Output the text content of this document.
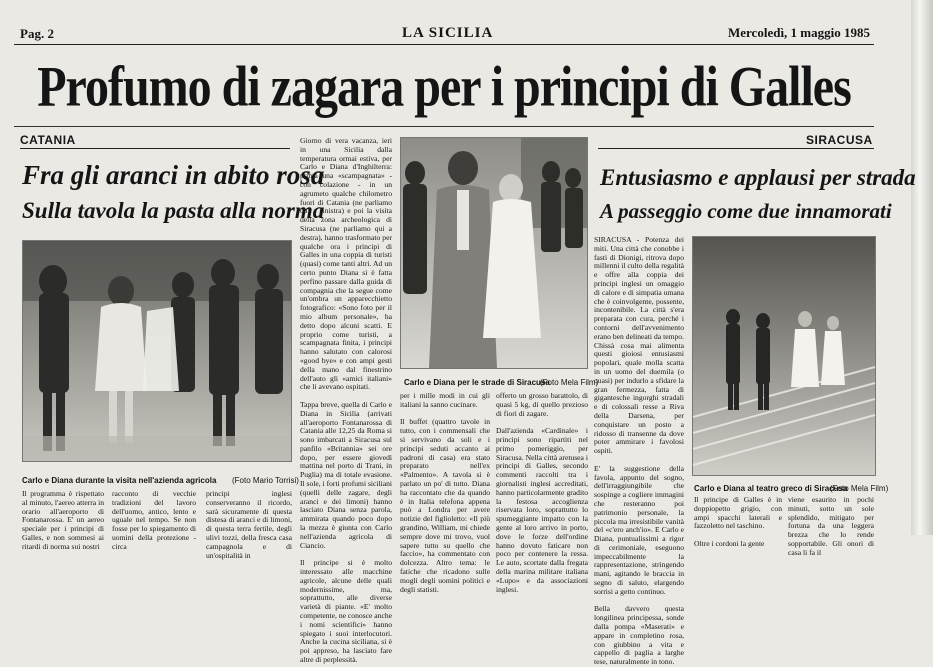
Pag. 2	LA SICILIA	Mercoledì, 1 maggio 1985
Profumo di zagara per i principi di Galles
CATANIA
Fra gli aranci in abito rosa
Sulla tavola la pasta alla norma
Carlo e Diana durante la visita nell'azienda agricola (Foto Mario Torrisi)

Il programma è rispettato al minuto, l'aereo atterra in orario all'aeroporto di Fontanarossa. E' un aereo speciale per i principi di Galles, e non sommesi ai ritardi di norma sui nostri

racconto di vecchie tradizioni del lavoro dell'uomo, antico, lento e uguale nel tempo. Se non fosse per lo spiegamento di uomini della protezione - circa

principi inglesi conserveranno il ricordo, sarà sicuramente di questa distesa di aranci e di limoni, di questa terra fertile, degli ulivi tozzi, della fresca casa campagnola e di un'ospitalità in

Giorno di vera vacanza, ieri in una Sicilia dalla temperatura ormai estiva, per Carlo e Diana d'Inghilterra: prima una «scampagnata» - con colazione - in un agrumeto qualche chilometro fuori di Catania (ne parliamo qui a sinistra) e poi la visita della zona archeologica di Siracusa (ne parliamo qui a destra), hanno trasformato per qualche ora i principi di Galles in una coppia di turisti (quasi) come tanti altri. Ad un certo punto Diana si è fatta perfino passare dalla guida di compagnia che la segue come un'ombra un apparecchietto fotografico: «Sono foto per il mio album personale», ha detto dopo alcuni scatti. E proprio come turisti, a scampagnata finita, i principi hanno salutato con calorosi «good bye» e con ampi gesti della mano dal finestrino dell'auto gli «amici italiani» che li avevano ospitati.

Tappa breve, quella di Carlo e Diana in Sicilia (arrivati all'aeroporto Fontanarossa di Catania alle 12,25 da Roma si sono imbarcati a Siracusa sul panfilo «Britannia» sei ore dopo, per essere giovedì mattina nel porto di Trani, in Puglia) ma di totale evasione. Il sole, i forti profumi siciliani (quelli delle zagare, degli aranci e dei limoni) hanno lasciato Diana senza parola, ammirata quando poco dopo la mezza è giunta con Carlo nell'azienda agricola di Ciancio.

Il principe si è molto interessato alle macchine agricole, alcune delle quali modernissime, ma, soprattutto, alle diverse varietà di piante. «E' molto competente, ne conosce anche i nomi scientifici» hanno spiegato i suoi interlocutori. Anche la cucina siciliana, si è poi appreso, ha lasciato fare altre di perplessità.

Carlo e Diana per le strade di Siracusa
(Foto Mela Film)

per i mille modi in cui gli italiani la sanno cucinare.

Il buffet (quattro tavole in tutto, con i commensali che si servivano da soli e i principi seduti accanto ai padroni di casa) era stato preparato nell'ex «Palmento». A tavola si è parlato un po' di tutto. Diana ha raccontato che da quando è in Italia telefona appena può a Londra per avere notizie del figlioletto: «Il più grandino, William, mi chiede sempre dove mi trovo, vuol sapere tutto su quello che faccio», ha commentato con dolcezza. Altro tema: le fatiche che ricadono sulle mogli degli uomini politici e degli statisti.

offerto un grosso barattolo, di quasi 5 kg, di quello prezioso di fiori di zagare.

Dall'azienda «Cardinale» i principi sono ripartiti nel primo pomeriggio, per Siracusa. Nella città aretusea i principi di Galles, secondo commenti raccolti tra i giornalisti inglesi accreditati, hanno particolarmente gradito la festosa accoglienza riservata loro, soprattutto lo spumeggiante impatto con la gente al loro arrivo in porto, dove le forze dell'ordine hanno dovuto faticare non poco per contenere la ressa. Le auto, scortate dalla fregata della marina militare italiana «Lupo» e da associazioni inglesi.

SIRACUSA
Entusiasmo e applausi per strada
A passeggio come due innamorati

SIRACUSA - Potenza dei miti. Una città che conobbe i fasti di Dionigi, ritrova dopo millenni il culto della regalità e offre alla coppia dei principi inglesi un omaggio di calore e di simpatia umana che è coinvolgente, possente, incontenibile. La città s'era preparata con cura, perché i contorni dell'avvenimento erano ben delineati da tempo. Chissà cosa mai alimenta questi gioiosi entusiasmi popolari, quale molla scatta in un uomo del duemila (o quasi) per indurlo a sfidare la gran fermezza, fatta di gigantesche ingorghi stradali e di colossali resse a Riva della Darsena, per conquistare un posto a ridosso di transenne da dove poter ammirare i favolosi ospiti.

E' la suggestione della favola, appunto del sogno, dell'irraggiungibile che sospinge a cogliere immagini che resteranno poi patrimonio personale, la piccola ma irresistibile vanità del «c'ero anch'io». E Carlo e Diana, puntualissimi a rigor di cerimoniale, eseguono impeccabilmente la rappresentazione, stringendo mani, agitando le braccia in segno di saluto, elargendo sorrisi a getto continuo.

Bella davvero questa longilinea principessa, sonde dalla pompa «Maserati» e appare in completino rosa, con giubbino a vita e cappello di paglia a larghe tese, naturalmente in tono.

Carlo e Diana al teatro greco di Siracusa
(Foto Mela Film)

Il principe di Galles è in doppiopetto grigio, con ampi spacchi laterali e fazzoletto nel taschino.

Oltre i cordoni la gente

viene esaurito in pochi minuti, sotto un sole splendido, mitigato per fortuna da una leggera brezza che lo rende sopportabile. Gli onori di casa li fa il
